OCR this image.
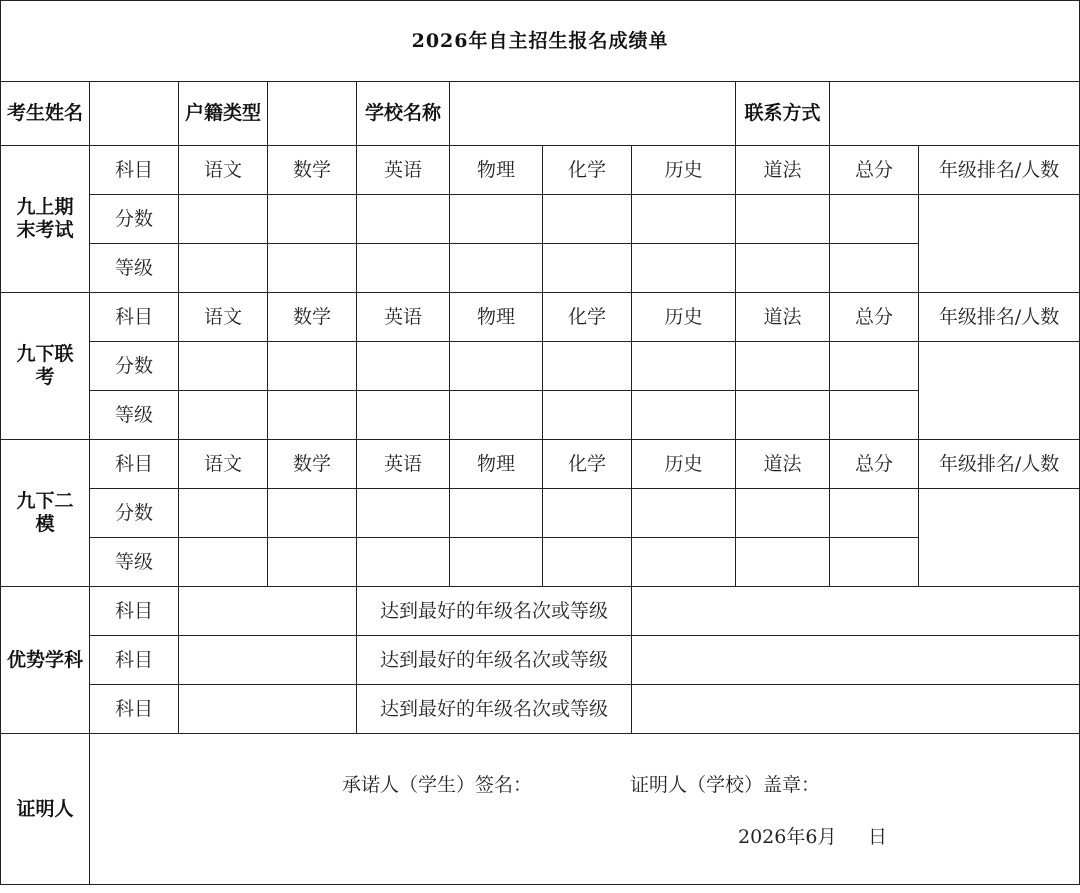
2026年自主招生报名成绩单										
考生姓名		户籍类型		学校名称				联系方式		
九上期末考试	科目	语文	数学	英语	物理	化学	历史	道法	总分	年级排名/人数
	分数									
	等级									
九下联考	科目	语文	数学	英语	物理	化学	历史	道法	总分	年级排名/人数
	分数									
	等级									
九下二模	科目	语文	数学	英语	物理	化学	历史	道法	总分	年级排名/人数
	分数									
	等级									
优势学科	科目			达到最好的年级名次或等级						
	科目			达到最好的年级名次或等级						
	科目			达到最好的年级名次或等级						
证明人	承诺人（学生）签名： 证明人（学校）盖章：
2026年6月 日									
